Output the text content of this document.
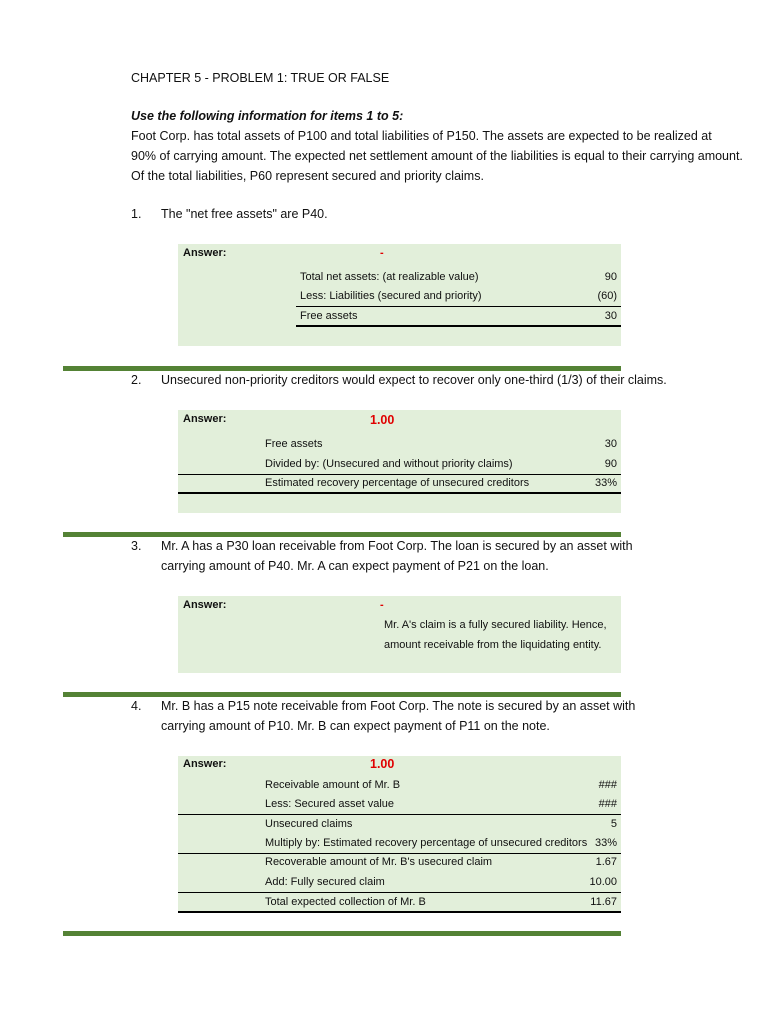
CHAPTER 5 - PROBLEM 1: TRUE OR FALSE
Use the following information for items 1 to 5:
Foot Corp. has total assets of P100 and total liabilities of P150. The assets are expected to be realized at
90% of carrying amount. The expected net settlement amount of the liabilities is equal to their carrying amount.
Of the total liabilities, P60 represent secured and priority claims.
1. The "net free assets" are P40.
Answer:	-
Total net assets: (at realizable value)	90
Less: Liabilities (secured and priority)	(60)
Free assets	30
2. Unsecured non-priority creditors would expect to recover only one-third (1/3) of their claims.
Answer:	1.00
Free assets	30
Divided by: (Unsecured and without priority claims)	90
Estimated recovery percentage of unsecured creditors	33%
3. Mr. A has a P30 loan receivable from Foot Corp. The loan is secured by an asset with
carrying amount of P40. Mr. A can expect payment of P21 on the loan.
Answer:	-
Mr. A's claim is a fully secured liability. Hence,
amount receivable from the liquidating entity.
4. Mr. B has a P15 note receivable from Foot Corp. The note is secured by an asset with
carrying amount of P10. Mr. B can expect payment of P11 on the note.
Answer:	1.00
Receivable amount of Mr. B	###
Less: Secured asset value	###
Unsecured claims	5
Multiply by: Estimated recovery percentage of unsecured creditors 33%
Recoverable amount of Mr. B's usecured claim	1.67
Add: Fully secured claim	10.00
Total expected collection of Mr. B	11.67
